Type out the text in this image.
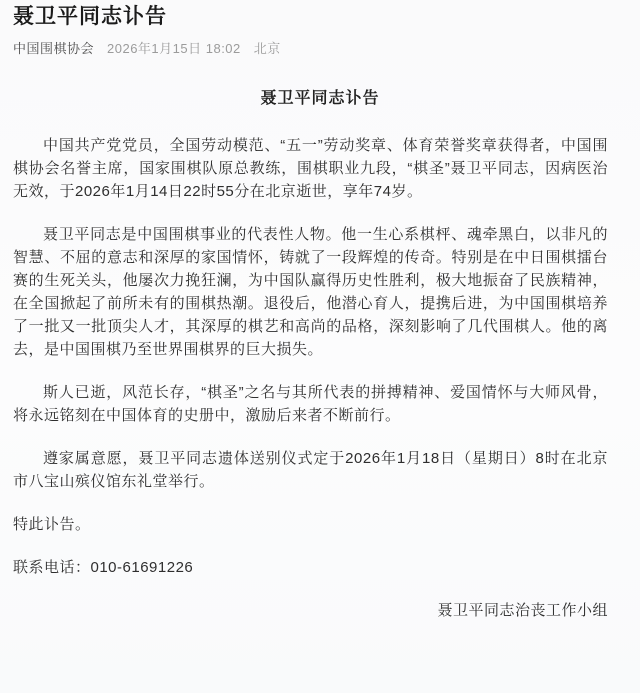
聂卫平同志讣告
中国围棋协会 2026年1月15日 18:02 北京
聂卫平同志讣告

中国共产党党员，全国劳动模范、“五一”劳动奖章、体育荣誉奖章获得者，中国围棋协会名誉主席，国家围棋队原总教练，围棋职业九段，“棋圣”聂卫平同志，因病医治无效，于2026年1月14日22时55分在北京逝世，享年74岁。

聂卫平同志是中国围棋事业的代表性人物。他一生心系棋枰、魂牵黑白，以非凡的智慧、不屈的意志和深厚的家国情怀，铸就了一段辉煌的传奇。特别是在中日围棋擂台赛的生死关头，他屡次力挽狂澜，为中国队赢得历史性胜利，极大地振奋了民族精神，在全国掀起了前所未有的围棋热潮。退役后，他潜心育人，提携后进，为中国围棋培养了一批又一批顶尖人才，其深厚的棋艺和高尚的品格，深刻影响了几代围棋人。他的离去，是中国围棋乃至世界围棋界的巨大损失。

斯人已逝，风范长存，“棋圣”之名与其所代表的拼搏精神、爱国情怀与大师风骨，将永远铭刻在中国体育的史册中，激励后来者不断前行。

遵家属意愿，聂卫平同志遗体送别仪式定于2026年1月18日（星期日）8时在北京市八宝山殡仪馆东礼堂举行。

特此讣告。

联系电话：010-61691226

聂卫平同志治丧工作小组
